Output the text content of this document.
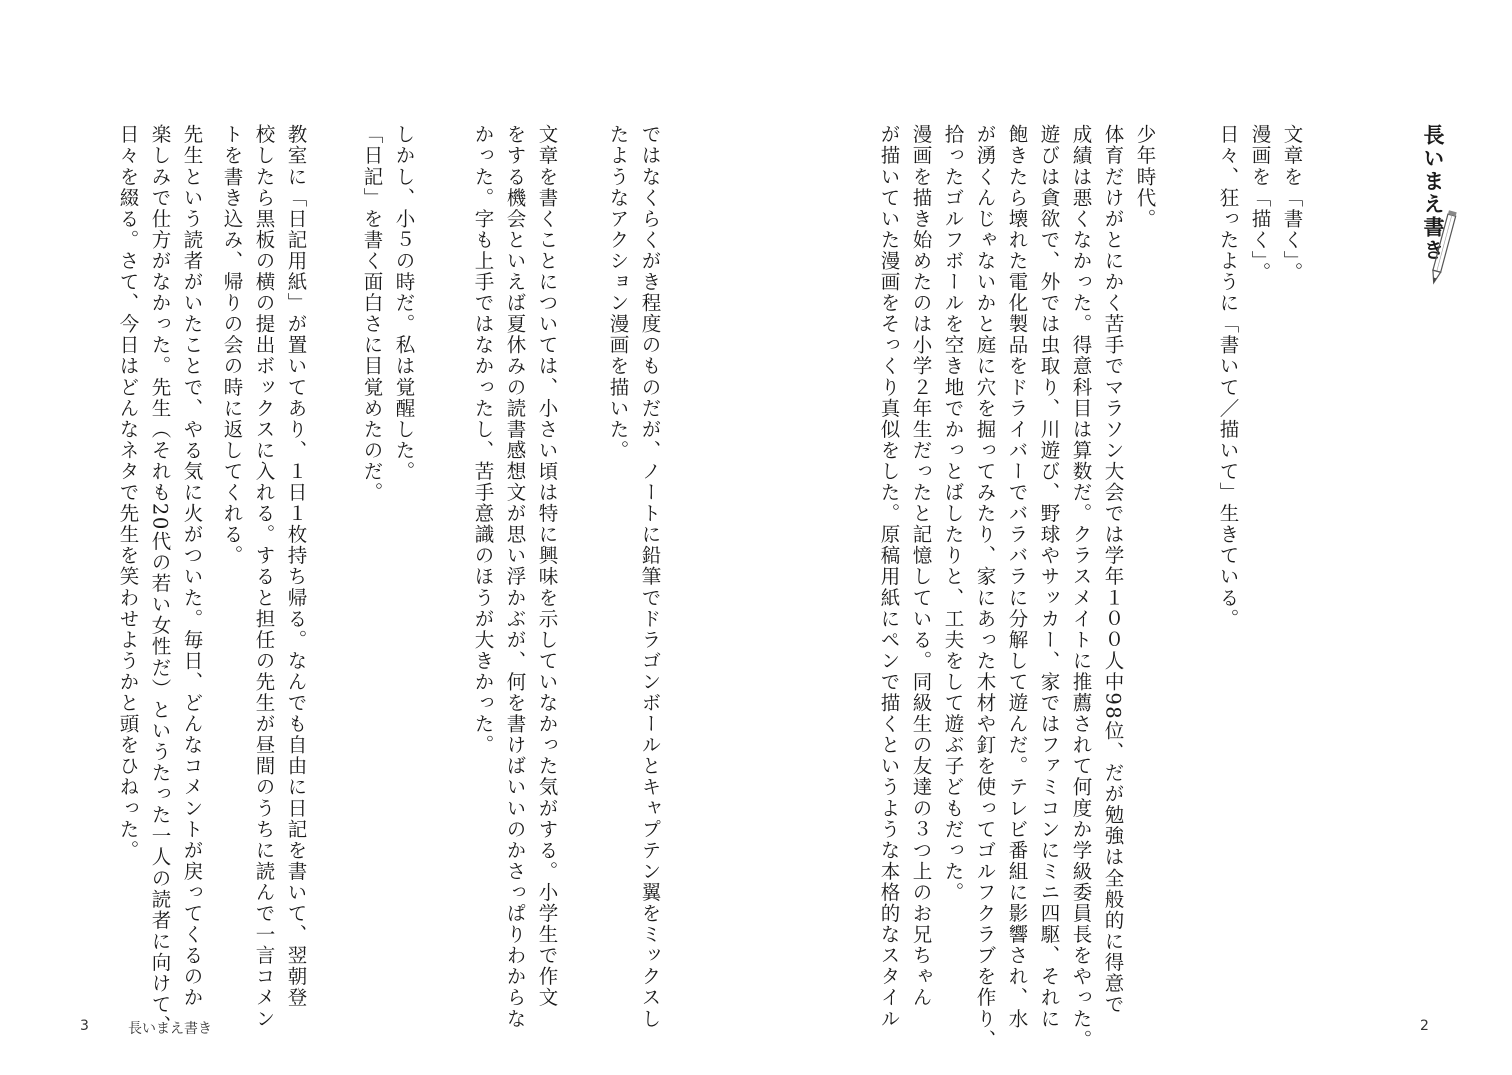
長いまえ書き
文章を「書く」。
漫画を「描く」。
日々、狂ったように「書いて／描いて」生きている。
少年時代。
体育だけがとにかく苦手でマラソン大会では学年１００人中98位、だが勉強は全般的に得意で
成績は悪くなかった。得意科目は算数だ。クラスメイトに推薦されて何度か学級委員長をやった。
遊びは貪欲で、外では虫取り、川遊び、野球やサッカー、家ではファミコンにミニ四駆、それに
飽きたら壊れた電化製品をドライバーでバラバラに分解して遊んだ。テレビ番組に影響され、水
が湧くんじゃないかと庭に穴を掘ってみたり、家にあった木材や釘を使ってゴルフクラブを作り、
拾ったゴルフボールを空き地でかっとばしたりと、工夫をして遊ぶ子どもだった。
漫画を描き始めたのは小学２年生だったと記憶している。同級生の友達の３つ上のお兄ちゃん
が描いていた漫画をそっくり真似をした。原稿用紙にペンで描くというような本格的なスタイル	2
ではなくらくがき程度のものだが、ノートに鉛筆でドラゴンボールとキャプテン翼をミックスし
たようなアクション漫画を描いた。
文章を書くことについては、小さい頃は特に興味を示していなかった気がする。小学生で作文
をする機会といえば夏休みの読書感想文が思い浮かぶが、何を書けばいいのかさっぱりわからな
かった。字も上手ではなかったし、苦手意識のほうが大きかった。
しかし、小５の時だ。私は覚醒した。
「日記」を書く面白さに目覚めたのだ。
教室に「日記用紙」が置いてあり、１日１枚持ち帰る。なんでも自由に日記を書いて、翌朝登
校したら黒板の横の提出ボックスに入れる。すると担任の先生が昼間のうちに読んで一言コメン
トを書き込み、帰りの会の時に返してくれる。
先生という読者がいたことで、やる気に火がついた。毎日、どんなコメントが戻ってくるのか
楽しみで仕方がなかった。先生（それも20代の若い女性だ）というたった一人の読者に向けて、
日々を綴る。さて、今日はどんなネタで先生を笑わせようかと頭をひねった。
3	長いまえ書き
